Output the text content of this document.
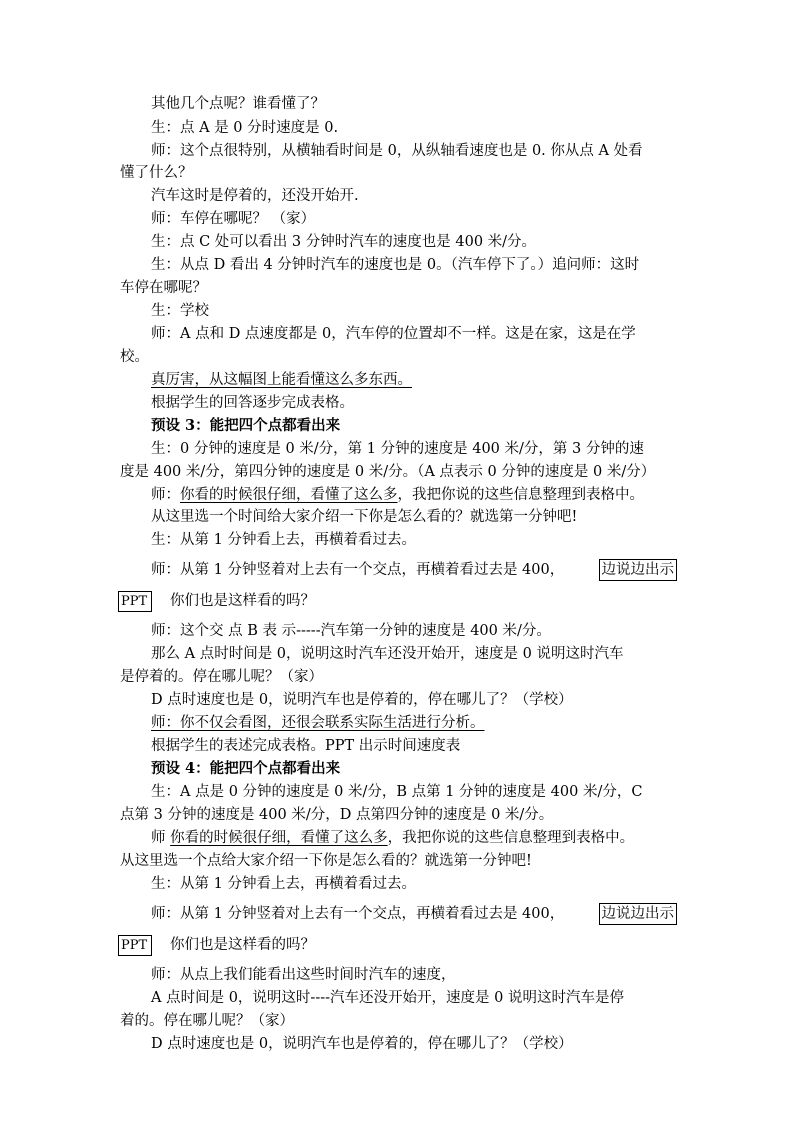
其他几个点呢？谁看懂了？
生：点 A 是 0 分时速度是 0.
师：这个点很特别，从横轴看时间是 0，从纵轴看速度也是 0. 你从点 A 处看
懂了什么？
汽车这时是停着的，还没开始开.
师：车停在哪呢？ （家）
生：点 C 处可以看出 3 分钟时汽车的速度也是 400 米/分。
生：从点 D 看出 4 分钟时汽车的速度也是 0。（汽车停下了。）追问师：这时
车停在哪呢？
生：学校
师：A 点和 D 点速度都是 0，汽车停的位置却不一样。这是在家，这是在学
校。
真厉害，从这幅图上能看懂这么多东西。
根据学生的回答逐步完成表格。
预设 3：能把四个点都看出来
生：0 分钟的速度是 0 米/分，第 1 分钟的速度是 400 米/分，第 3 分钟的速
度是 400 米/分，第四分钟的速度是 0 米/分。（A 点表示 0 分钟的速度是 0 米/分）
师：你看的时候很仔细，看懂了这么多，我把你说的这些信息整理到表格中。
从这里选一个时间给大家介绍一下你是怎么看的？就选第一分钟吧!
生：从第 1 分钟看上去，再横着看过去。
师：从第 1 分钟竖着对上去有一个交点，再横着看过去是 400，	边说边出示
PPT 你们也是这样看的吗？
师：这个交 点 B 表 示-----汽车第一分钟的速度是 400 米/分。
那么 A 点时时间是 0，说明这时汽车还没开始开，速度是 0 说明这时汽车
是停着的。停在哪儿呢？（家）
D 点时速度也是 0，说明汽车也是停着的，停在哪儿了？（学校）
师：你不仅会看图，还很会联系实际生活进行分析。
根据学生的表述完成表格。PPT 出示时间速度表
预设 4：能把四个点都看出来
生：A 点是 0 分钟的速度是 0 米/分，B 点第 1 分钟的速度是 400 米/分，C
点第 3 分钟的速度是 400 米/分，D 点第四分钟的速度是 0 米/分。
师 你看的时候很仔细，看懂了这么多，我把你说的这些信息整理到表格中。
从这里选一个点给大家介绍一下你是怎么看的？就选第一分钟吧!
生：从第 1 分钟看上去，再横着看过去。
师：从第 1 分钟竖着对上去有一个交点，再横着看过去是 400，	边说边出示
PPT 你们也是这样看的吗？
师：从点上我们能看出这些时间时汽车的速度，
A 点时间是 0，说明这时----汽车还没开始开，速度是 0 说明这时汽车是停
着的。停在哪儿呢？（家）
D 点时速度也是 0，说明汽车也是停着的，停在哪儿了？（学校）
